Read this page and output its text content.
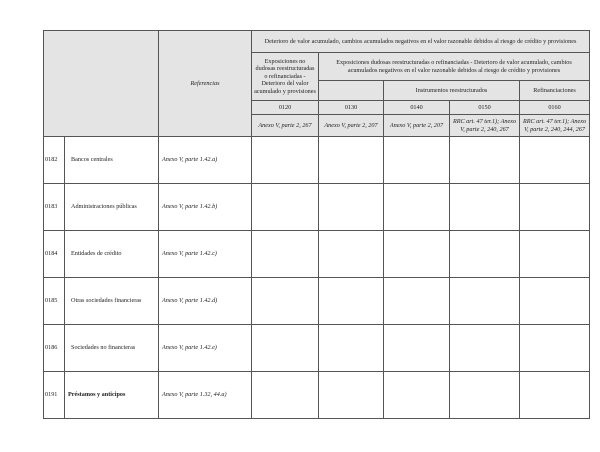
		Referencias	Deterioro de valor acumulado, cambios acumulados negativos en el valor razonable debidos al riesgo de crédito y provisiones				
			Exposiciones no dudosas reestructuradas o refinanciadas - Deterioro del valor acumulado y provisiones	Exposiciones dudosas reestructuradas o refinanciadas - Deterioro de valor acumulado, cambios acumulados negativos en el valor razonable debidos al riesgo de crédito y provisiones			
					Instrumentos reestructurados		Refinanciaciones

			0120	0130	0140	0150	0160
			Anexo V, parte 2, 267	Anexo V, parte 2, 207	Anexo V, parte 2, 207	RRC art. 47 ter.1); Anexo V, parte 2, 240, 267	RRC art. 47 ter.1); Anexo V, parte 2, 240, 244, 267
0182	Bancos centrales	Anexo V, parte 1.42.a)					
0183	Administraciones públicas	Anexo V, parte 1.42.b)					
0184	Entidades de crédito	Anexo V, parte 1.42.c)					
0185	Otras sociedades financieras	Anexo V, parte 1.42.d)					
0186	Sociedades no financieras	Anexo V, parte 1.42.e)					
0191	Préstamos y anticipos	Anexo V, parte 1.32, 44.a)					
